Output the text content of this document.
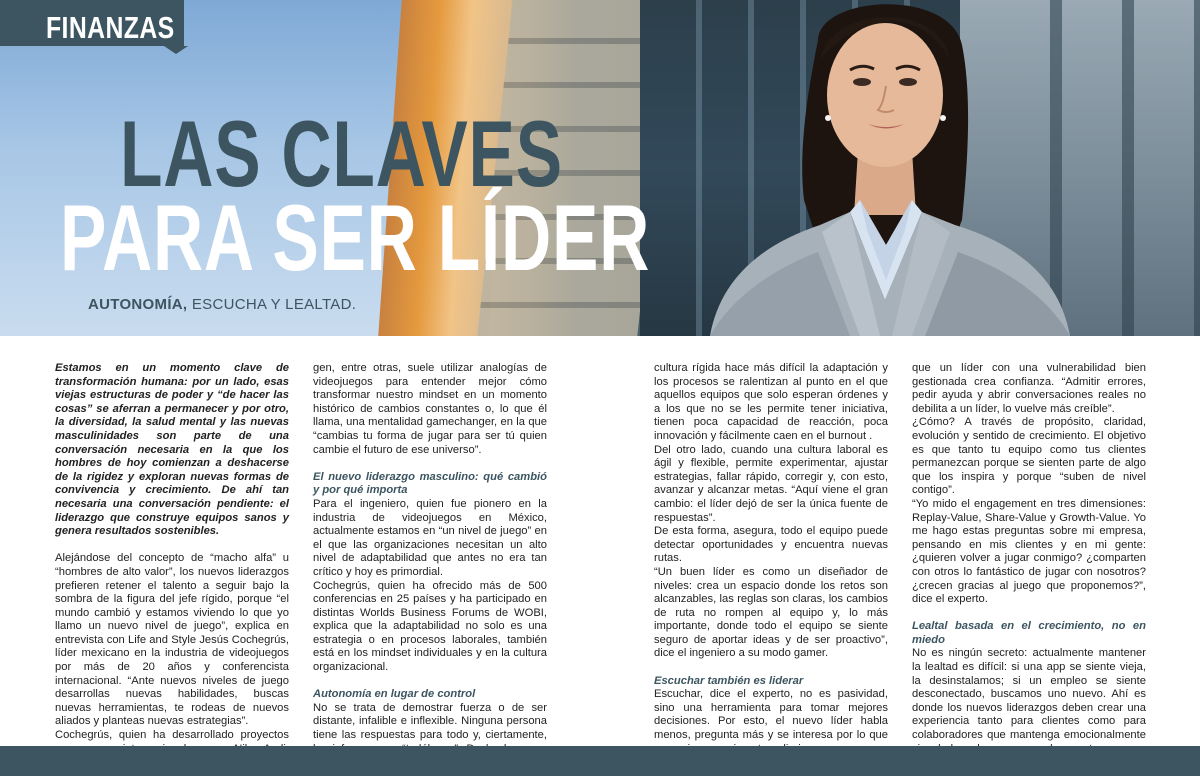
FINANZAS
LAS CLAVES
PARA SER LÍDER
AUTONOMÍA, ESCUCHA Y LEALTAD.

Estamos en un momento clave de transformación humana: por un lado, esas viejas estructuras de poder y “de hacer las cosas” se aferran a permanecer y por otro, la diversidad, la salud mental y las nuevas masculinidades son parte de una conversación necesaria en la que los hombres de hoy comienzan a deshacerse de la rigidez y exploran nuevas formas de convivencia y crecimiento. De ahí tan necesaria una conversación pendiente: el liderazgo que construye equipos sanos y genera resultados sostenibles.

Alejándose del concepto de “macho alfa” u “hombres de alto valor”, los nuevos liderazgos prefieren retener el talento a seguir bajo la sombra de la figura del jefe rígido, porque “el mundo cambió y estamos viviendo lo que yo llamo un nuevo nivel de juego”, explica en entrevista con Life and Style Jesús Cochegrús, líder mexicano en la industria de videojuegos por más de 20 años y conferencista internacional. “Ante nuevos niveles de juego desarrollas nuevas habilidades, buscas nuevas herramientas, te rodeas de nuevos aliados y planteas nuevas estrategias”.

Cochegrús, quien ha desarrollado proyectos

gen, entre otras, suele utilizar analogías de videojuegos para entender mejor cómo transformar nuestro mindset en un momento histórico de cambios constantes o, lo que él llama, una mentalidad gamechanger, en la que “cambias tu forma de jugar para ser tú quien cambie el futuro de ese universo”.

El nuevo liderazgo masculino: qué cambió y por qué importa

Para el ingeniero, quien fue pionero en la industria de videojuegos en México, actualmente estamos en “un nivel de juego” en el que las organizaciones necesitan un alto nivel de adaptabilidad que antes no era tan crítico y hoy es primordial.

Cochegrús, quien ha ofrecido más de 500 conferencias en 25 países y ha participado en distintas Worlds Business Forums de WOBI, explica que la adaptabilidad no solo es una estrategia o en procesos laborales, también está en los mindset individuales y en la cultura organizacional.

Autonomía en lugar de control

No se trata de demostrar fuerza o de ser distante, infalible e inflexible. Ninguna persona tiene las respuestas para todo y, ciertamente,

cultura rígida hace más difícil la adaptación y los procesos se ralentizan al punto en el que aquellos equipos que solo esperan órdenes y a los que no se les permite tener iniciativa, tienen poca capacidad de reacción, poca innovación y fácilmente caen en el burnout .

Del otro lado, cuando una cultura laboral es ágil y flexible, permite experimentar, ajustar estrategias, fallar rápido, corregir y, con esto, avanzar y alcanzar metas. “Aquí viene el gran cambio: el líder dejó de ser la única fuente de respuestas”.

De esta forma, asegura, todo el equipo puede detectar oportunidades y encuentra nuevas rutas.

“Un buen líder es como un diseñador de niveles: crea un espacio donde los retos son alcanzables, las reglas son claras, los cambios de ruta no rompen al equipo y, lo más importante, donde todo el equipo se siente seguro de aportar ideas y de ser proactivo”, dice el ingeniero a su modo gamer.

Escuchar también es liderar

Escuchar, dice el experto, no es pasividad, sino una herramienta para tomar mejores decisiones. Por esto, el nuevo líder habla menos, pregunta más y se interesa por lo que

que un líder con una vulnerabilidad bien gestionada crea confianza. “Admitir errores, pedir ayuda y abrir conversaciones reales no debilita a un líder, lo vuelve más creíble”.

¿Cómo? A través de propósito, claridad, evolución y sentido de crecimiento. El objetivo es que tanto tu equipo como tus clientes permanezcan porque se sienten parte de algo que los inspira y porque “suben de nivel contigo”.

“Yo mido el engagement en tres dimensiones: Replay-Value, Share-Value y Growth-Value. Yo me hago estas preguntas sobre mi empresa, pensando en mis clientes y en mi gente: ¿quieren volver a jugar conmigo? ¿comparten con otros lo fantástico de jugar con nosotros? ¿crecen gracias al juego que proponemos?”, dice el experto.

Lealtal basada en el crecimiento, no en miedo

No es ningún secreto: actualmente mantener la lealtad es difícil: si una app se siente vieja, la desinstalamos; si un empleo se siente desconectado, buscamos uno nuevo. Ahí es donde los nuevos liderazgos deben crear una experiencia tanto para clientes como para colaboradores que mantenga emocionalmente
